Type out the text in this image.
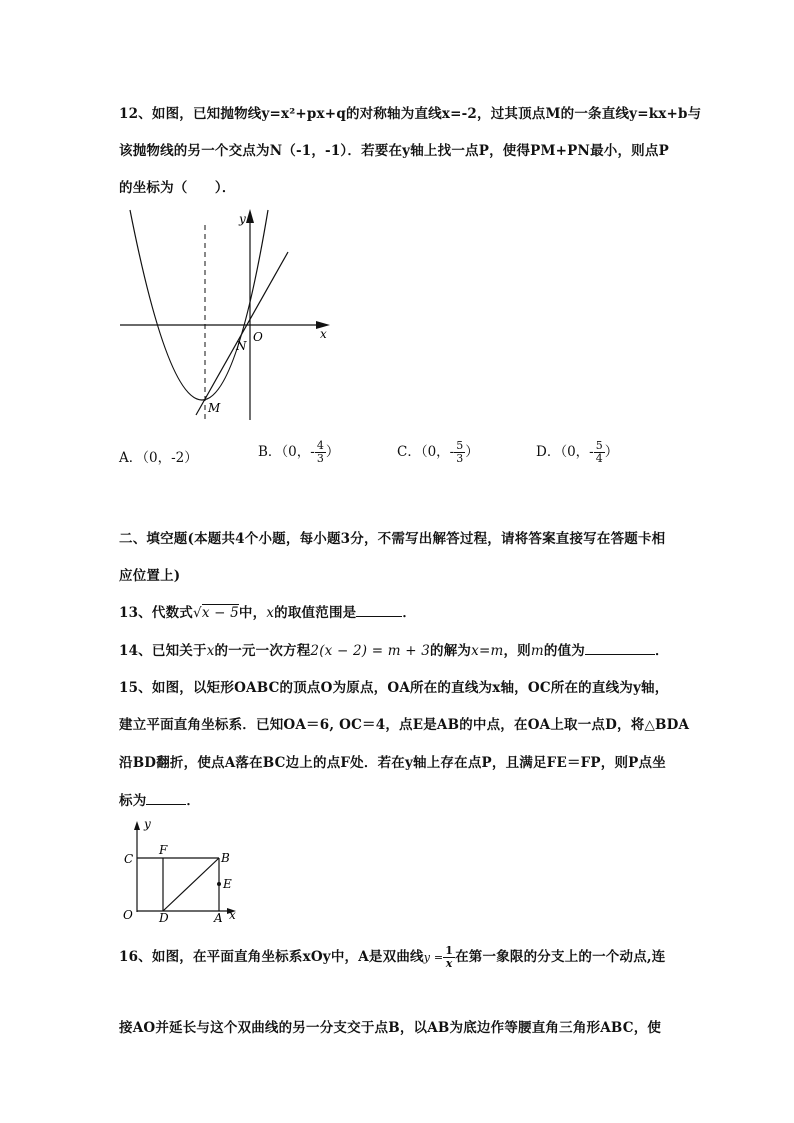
12、如图，已知抛物线y=x²+px+q的对称轴为直线x=-2，过其顶点M的一条直线y=kx+b与
该抛物线的另一个交点为N（-1，-1）．若要在y轴上找一点P，使得PM+PN最小，则点P
的坐标为（　　）．
y
x
O
N
M
A．（0，-2）	B．（0，- $\frac{4}{3}$ ）	C．（0，- $\frac{5}{3}$ ）	D．（0，- $\frac{5}{4}$ ）
二、填空题(本题共4个小题，每小题3分，不需写出解答过程，请将答案直接写在答题卡相
应位置上)
13、代数式√x − 5中，x的取值范围是	．
14、已知关于x的一元一次方程2(x − 2) = m + 3的解为x=m，则m的值为	．
15、如图，以矩形OABC的顶点O为原点，OA所在的直线为x轴，OC所在的直线为y轴，
建立平面直角坐标系．已知OA＝6, OC＝4，点E是AB的中点，在OA上取一点D，将△BDA
沿BD翻折，使点A落在BC边上的点F处．若在y轴上存在点P，且满足FE＝FP，则P点坐
标为	．
y
x
C
F
B
E
O D	A
16、如图，在平面直角坐标系xOy中，A是双曲线$y = \frac{1}{x}$ 在第一象限的分支上的一个动点,连
接AO并延长与这个双曲线的另一分支交于点B，以AB为底边作等腰直角三角形ABC，使
